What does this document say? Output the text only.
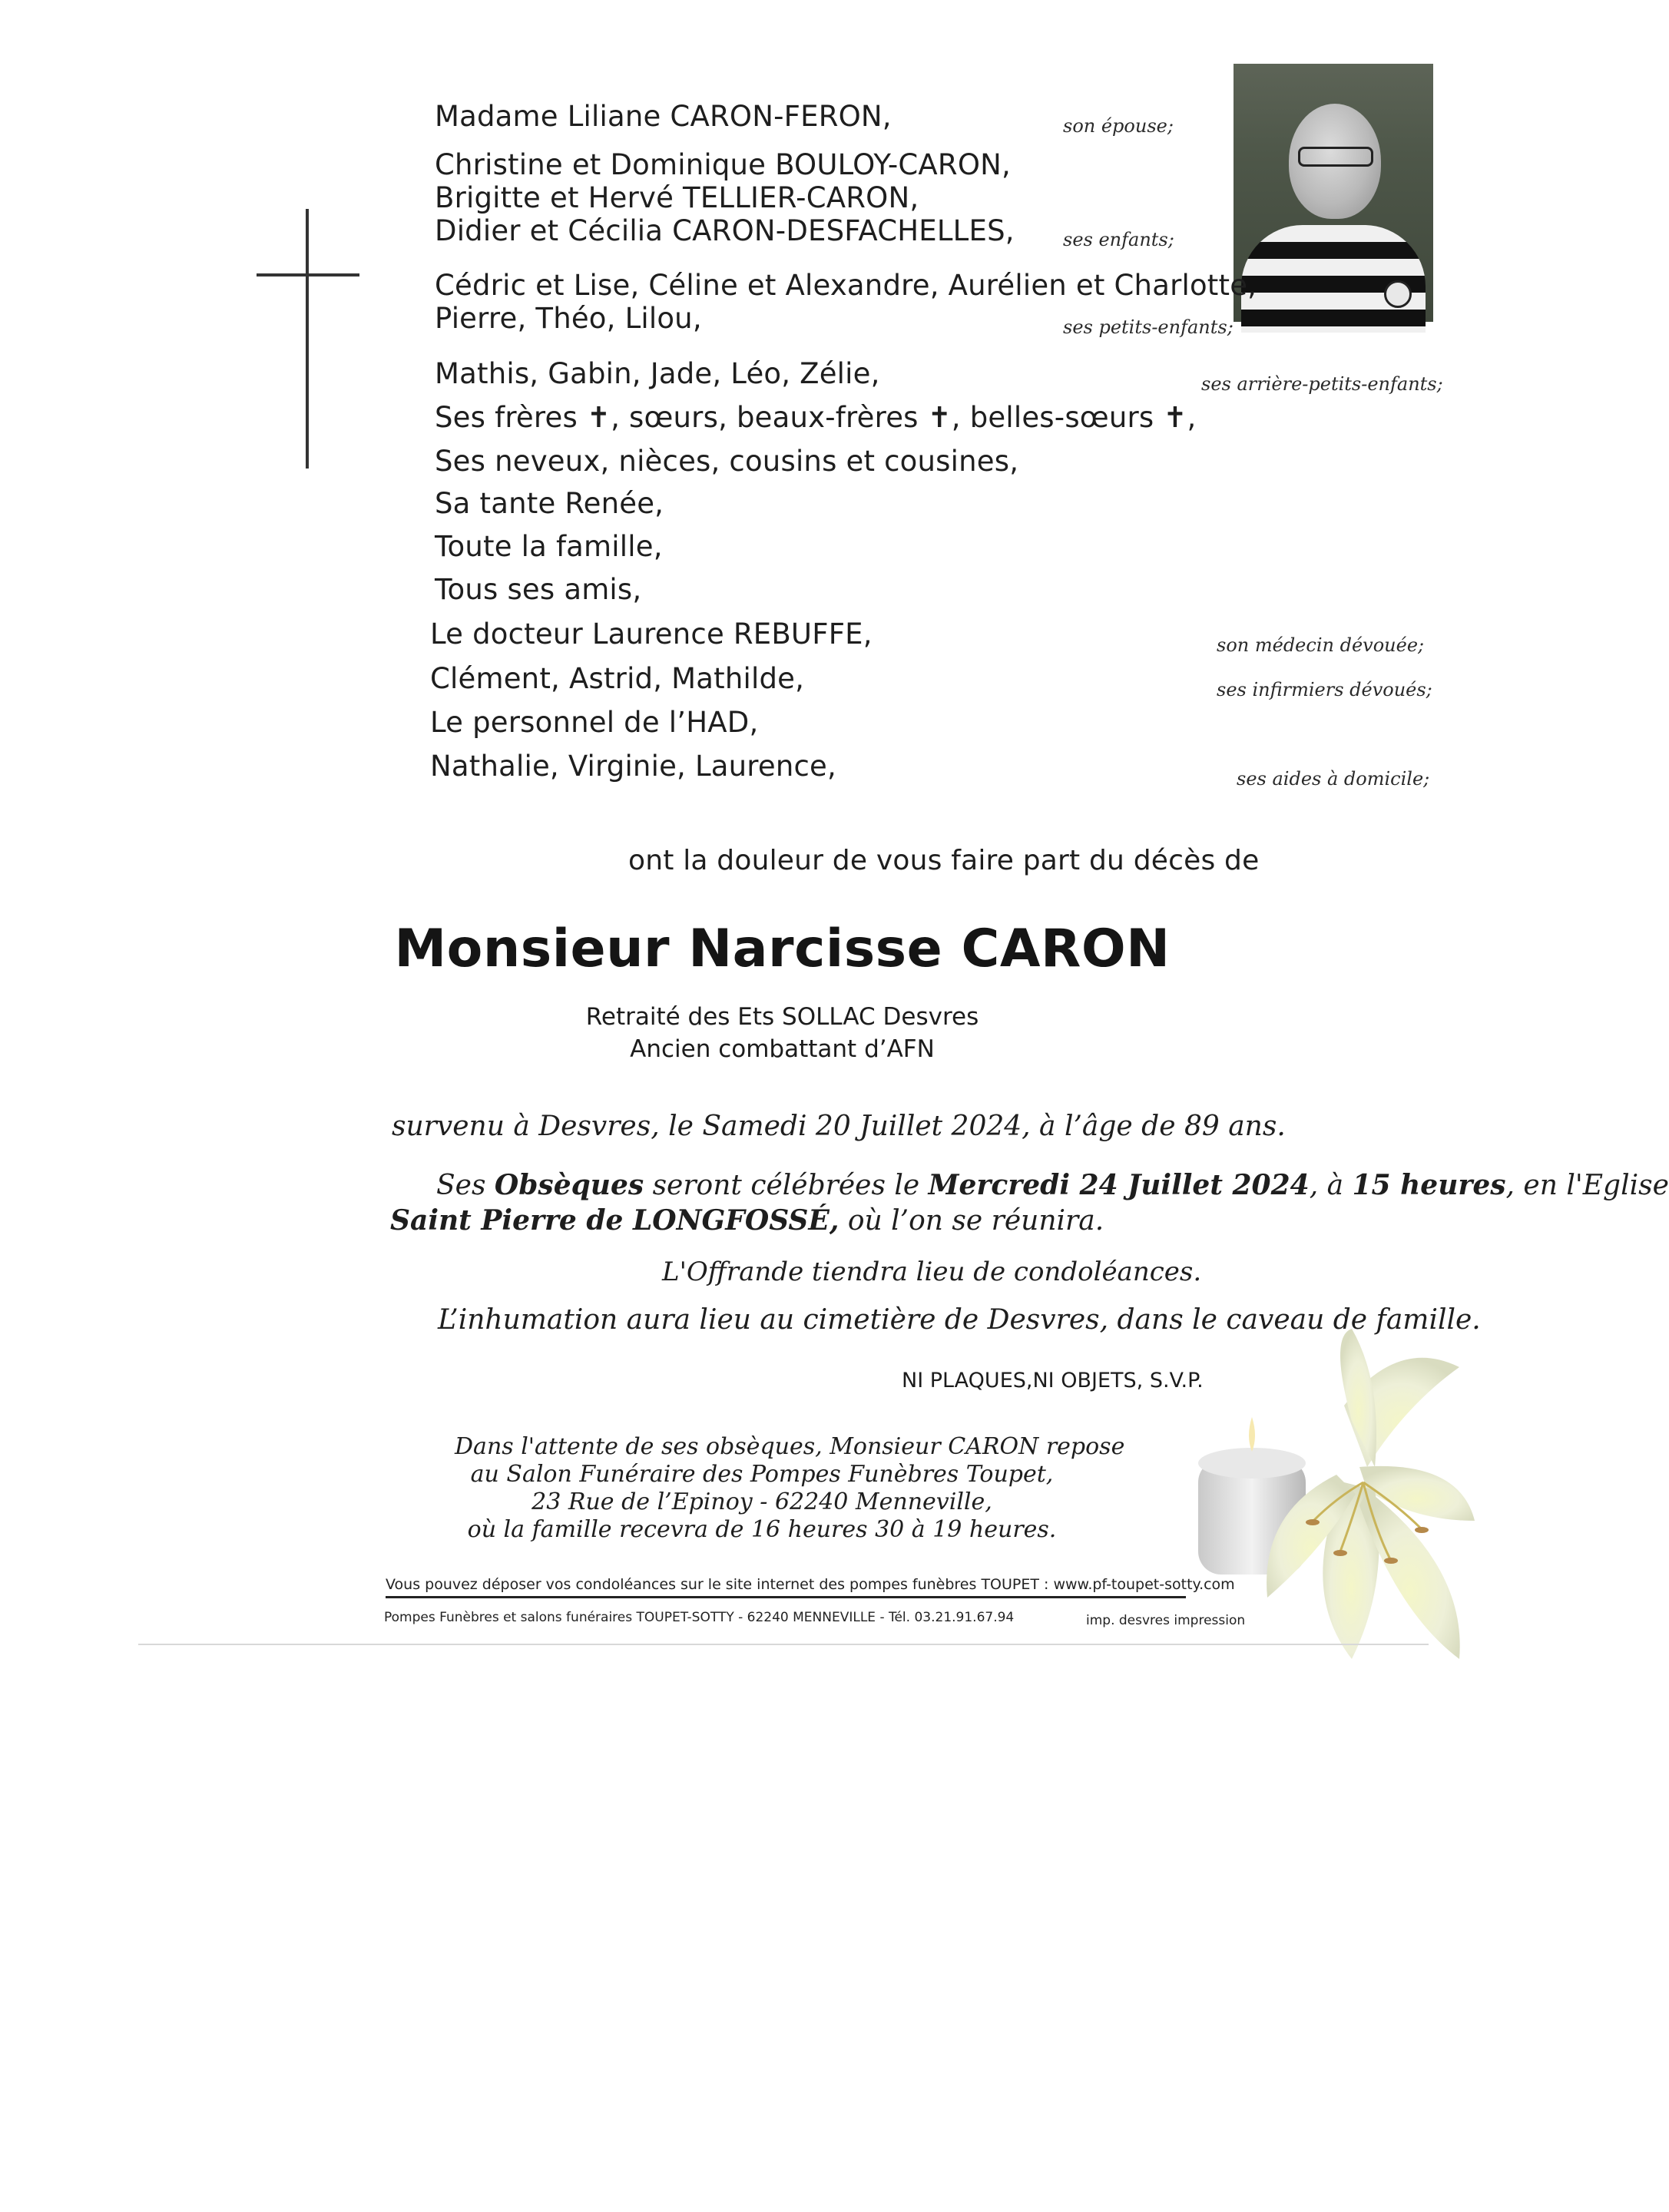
Madame Liliane CARON-FERON,	son épouse;
Christine et Dominique BOULOY-CARON,
Brigitte et Hervé TELLIER-CARON,
Didier et Cécilia CARON-DESFACHELLES,	ses enfants;
Cédric et Lise, Céline et Alexandre, Aurélien et Charlotte,
Pierre, Théo, Lilou,	ses petits-enfants;
Mathis, Gabin, Jade, Léo, Zélie,	ses arrière-petits-enfants;
Ses frères ✝, sœurs, beaux-frères ✝, belles-sœurs ✝,
Ses neveux, nièces, cousins et cousines,
Sa tante Renée,
Toute la famille,
Tous ses amis,
Le docteur Laurence REBUFFE,	son médecin dévouée;
Clément, Astrid, Mathilde,	ses infirmiers dévoués;
Le personnel de l’HAD,
Nathalie, Virginie, Laurence,	ses aides à domicile;
ont la douleur de vous faire part du décès de
Monsieur Narcisse CARON
Retraité des Ets SOLLAC Desvres
Ancien combattant d’AFN
survenu à Desvres, le Samedi 20 Juillet 2024, à l’âge de 89 ans.
Ses Obsèques seront célébrées le Mercredi 24 Juillet 2024, à 15 heures, en l'Eglise
Saint Pierre de LONGFOSSÉ, où l’on se réunira.
L'Offrande tiendra lieu de condoléances.
L’inhumation aura lieu au cimetière de Desvres, dans le caveau de famille.
NI PLAQUES,NI OBJETS, S.V.P.
Dans l'attente de ses obsèques, Monsieur CARON repose
au Salon Funéraire des Pompes Funèbres Toupet,
23 Rue de l’Epinoy - 62240 Menneville,
où la famille recevra de 16 heures 30 à 19 heures.
Vous pouvez déposer vos condoléances sur le site internet des pompes funèbres TOUPET : www.pf-toupet-sotty.com
Pompes Funèbres et salons funéraires TOUPET-SOTTY - 62240 MENNEVILLE - Tél. 03.21.91.67.94	imp. desvres impression
